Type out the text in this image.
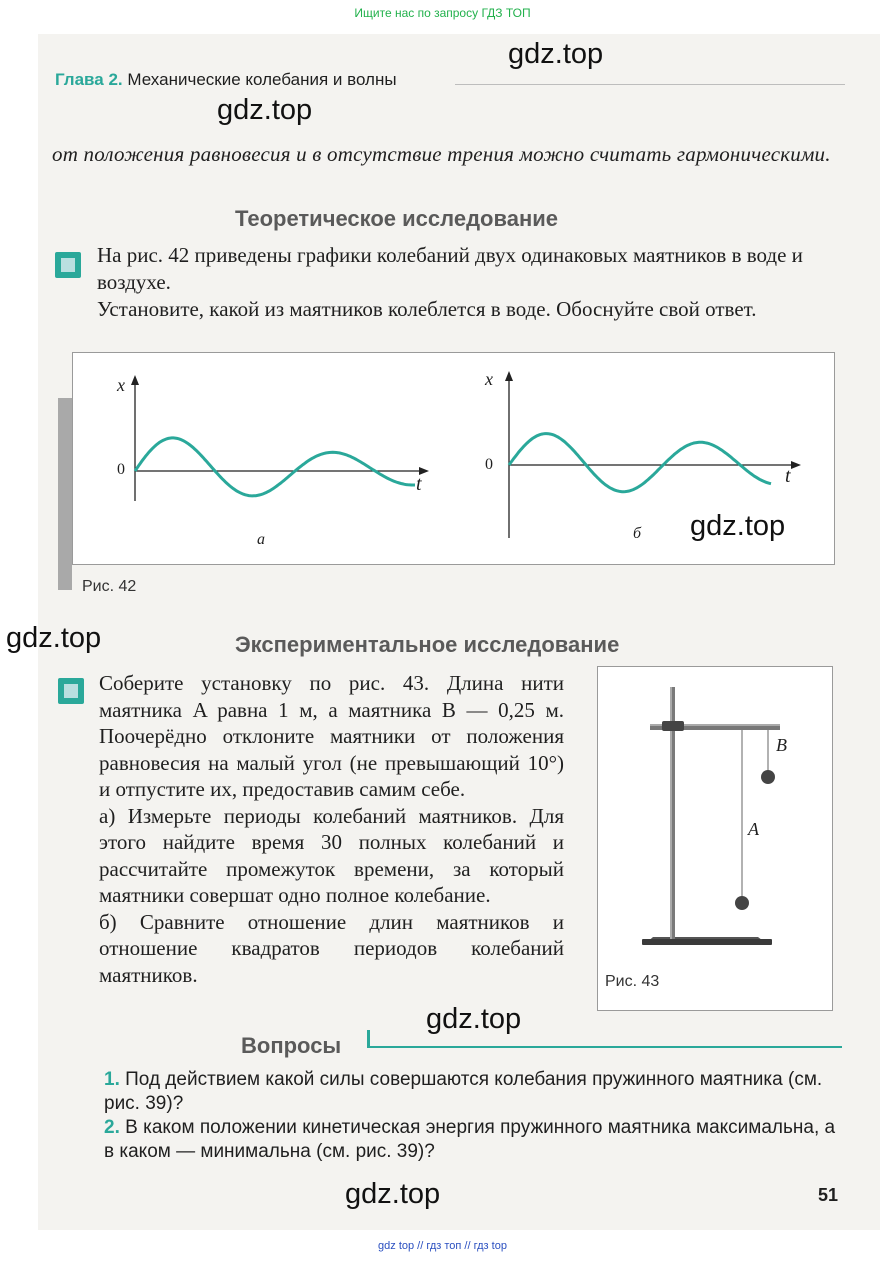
Ищите нас по запросу ГДЗ ТОП
Глава 2. Механические колебания и волны
от положения равновесия и в отсутствие трения можно считать гармоническими.
Теоретическое исследование

На рис. 42 приведены графики колебаний двух одинаковых маятников в воде и воздухе.

Установите, какой из маятников колеблется в воде. Обоснуйте свой ответ.

x
0
t
а
x
0
t
б
Рис. 42
Экспериментальное исследование

Соберите установку по рис. 43. Длина нити маятника A равна 1 м, а маятника B — 0,25 м. Поочерёдно отклоните маятники от положения равновесия на малый угол (не превышающий 10°) и отпустите их, предоставив самим себе.

а) Измерьте периоды колебаний маятников. Для этого найдите время 30 полных колебаний и рассчитайте промежуток времени, за который маятники совершат одно полное колебание.

б) Сравните отношение длин маятников и отношение квадратов периодов колебаний маятников.

B
A
Рис. 43
Вопросы
1. Под действием какой силы совершаются колебания пружинного маятника (см. рис. 39)?
2. В каком положении кинетическая энергия пружинного маятника максимальна, а в каком — минимальна (см. рис. 39)?
51
gdz.top
gdz.top
gdz.top
gdz.top
gdz.top
gdz.top
gdz top // гдз топ // гдз top
